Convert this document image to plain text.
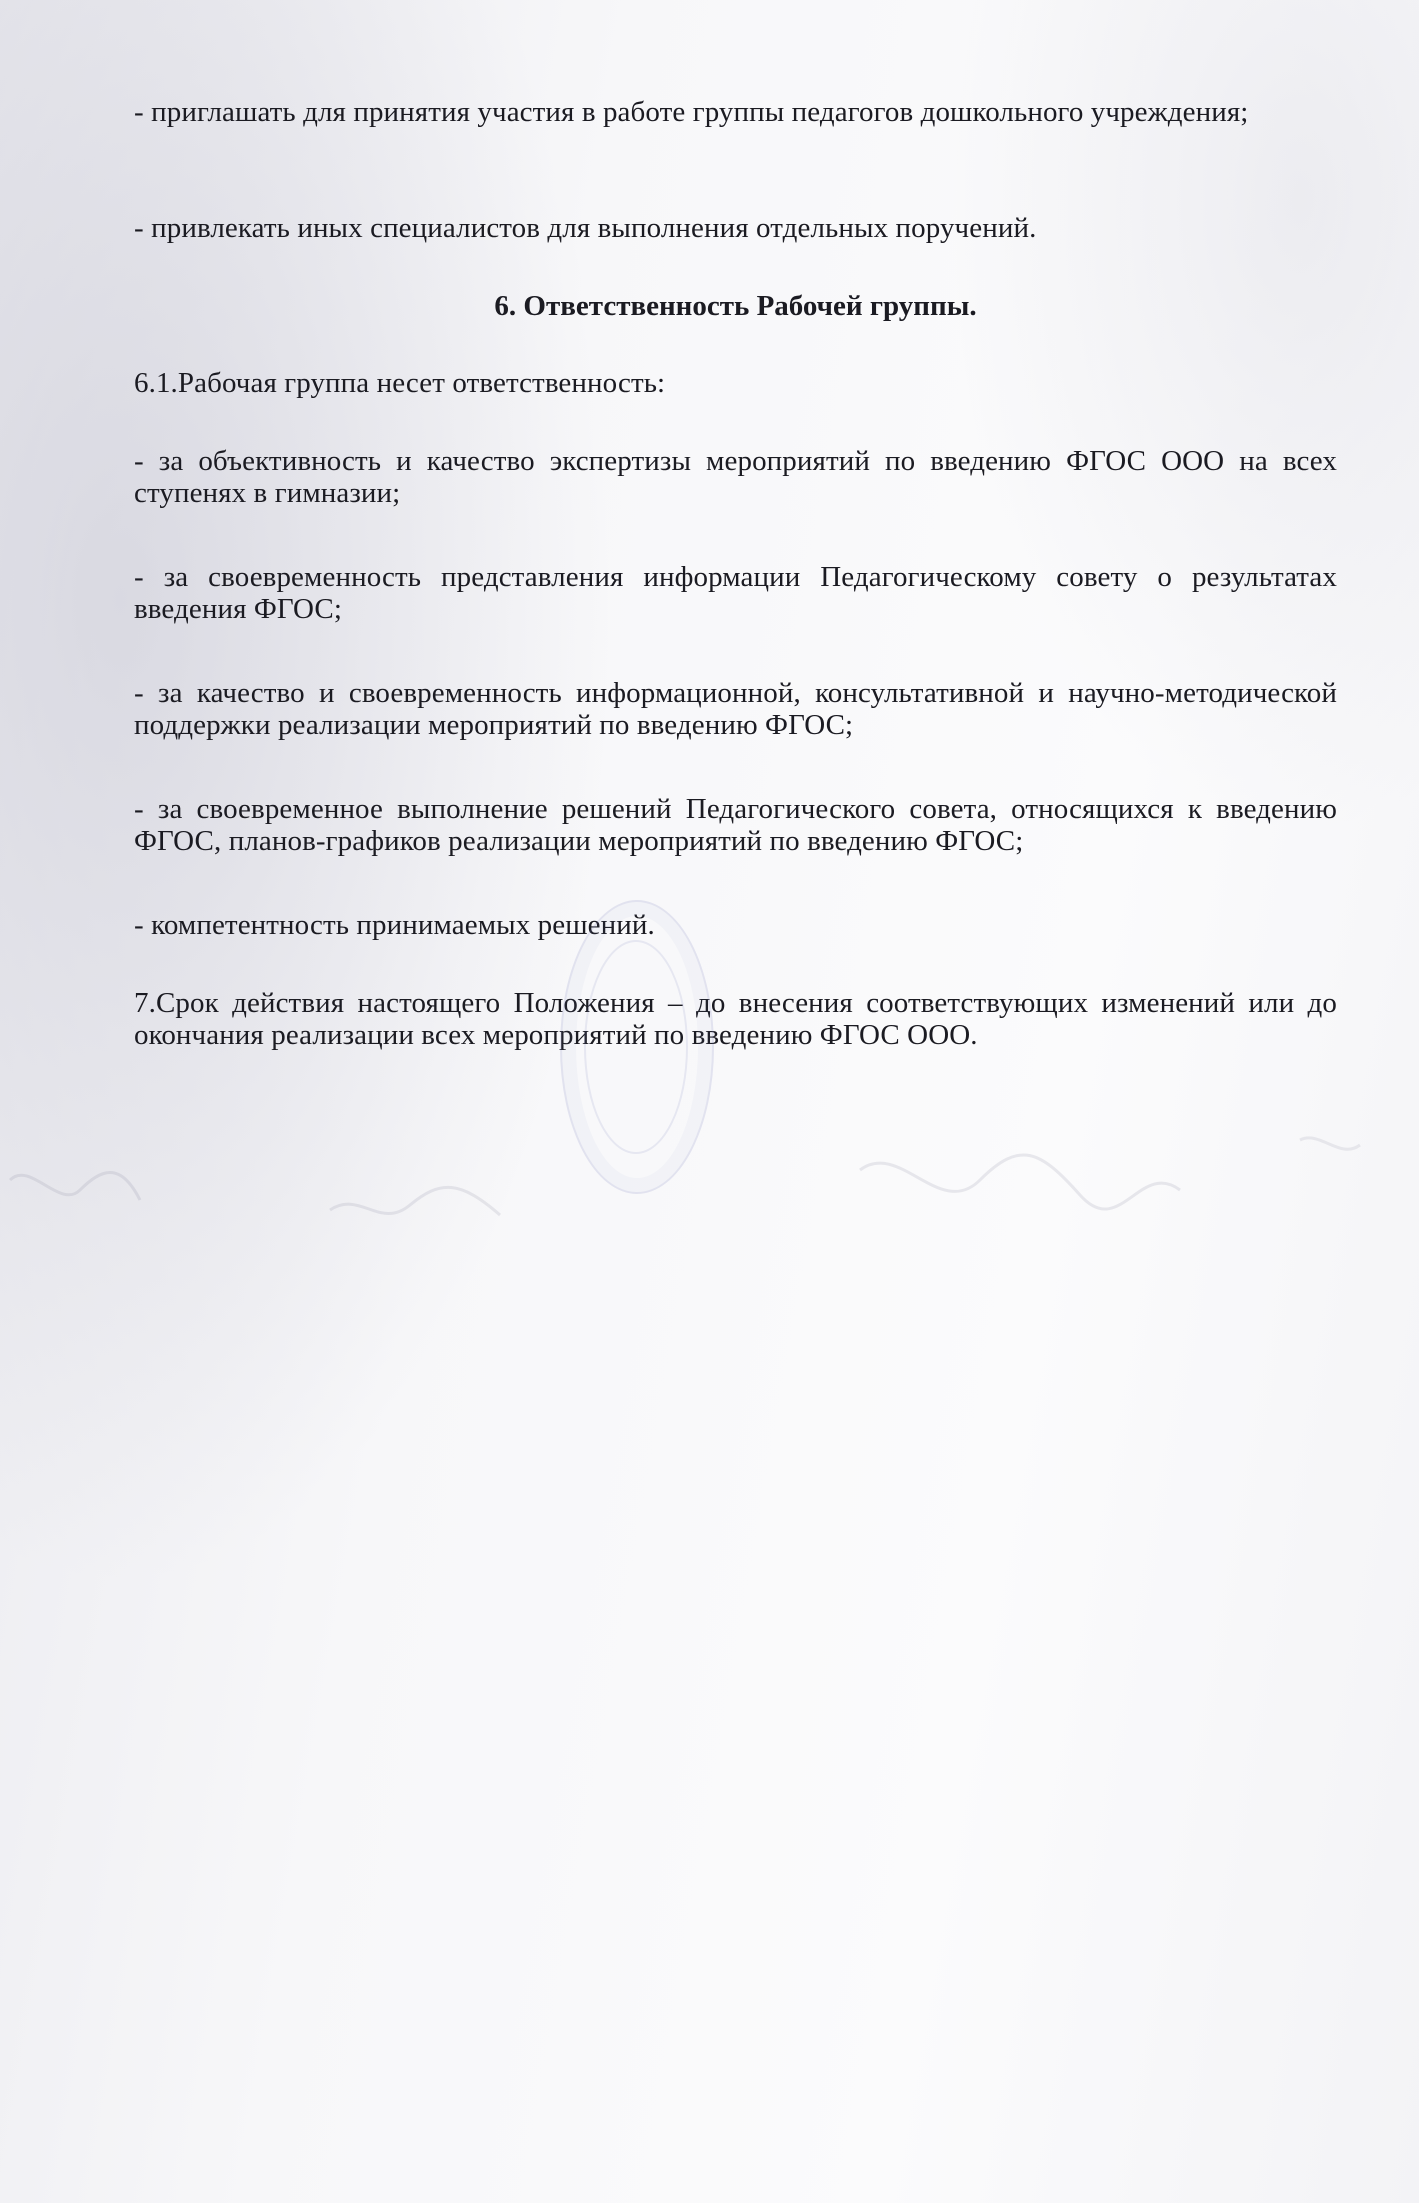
- приглашать для принятия участия в работе группы педагогов дошкольного учреждения;
- привлекать иных специалистов для выполнения отдельных поручений.
6. Ответственность Рабочей группы.
6.1.Рабочая группа несет ответственность:
- за объективность и качество экспертизы мероприятий по введению ФГОС ООО на всех ступенях в гимназии;
- за своевременность представления информации Педагогическому совету о результатах введения ФГОС;
- за качество и своевременность информационной, консультативной и научно-методической поддержки реализации мероприятий по введению ФГОС;
- за своевременное выполнение решений Педагогического совета, относящихся к введению ФГОС, планов-графиков реализации мероприятий по введению ФГОС;
- компетентность принимаемых решений.
7.Срок действия настоящего Положения – до внесения соответствующих изменений или до окончания реализации всех мероприятий по введению ФГОС ООО.
